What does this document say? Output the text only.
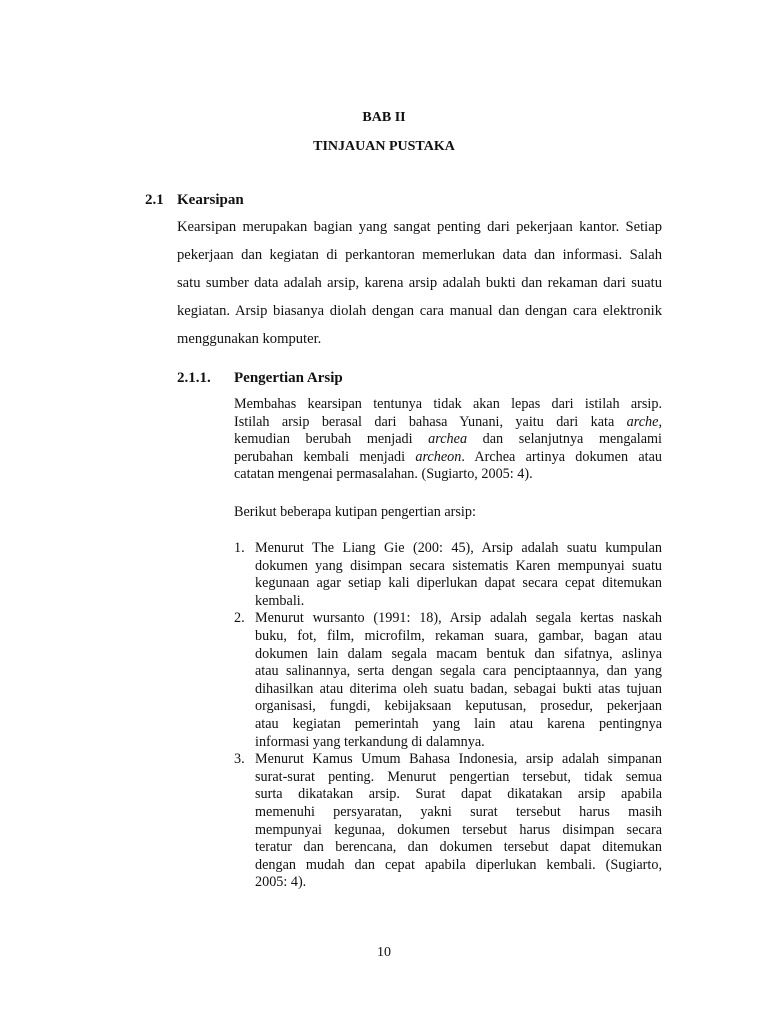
BAB II
TINJAUAN PUSTAKA
2.1 Kearsipan
Kearsipan merupakan bagian yang sangat penting dari pekerjaan kantor. Setiap
pekerjaan dan kegiatan di perkantoran memerlukan data dan informasi. Salah
satu sumber data adalah arsip, karena arsip adalah bukti dan rekaman dari suatu
kegiatan. Arsip biasanya diolah dengan cara manual dan dengan cara elektronik
menggunakan komputer.
2.1.1. Pengertian Arsip
Membahas kearsipan tentunya tidak akan lepas dari istilah arsip.
Istilah arsip berasal dari bahasa Yunani, yaitu dari kata arche,
kemudian berubah menjadi archea dan selanjutnya mengalami
perubahan kembali menjadi archeon. Archea artinya dokumen atau
catatan mengenai permasalahan. (Sugiarto, 2005: 4).
Berikut beberapa kutipan pengertian arsip:
1. Menurut The Liang Gie (200: 45), Arsip adalah suatu kumpulan
dokumen yang disimpan secara sistematis Karen mempunyai suatu
kegunaan agar setiap kali diperlukan dapat secara cepat ditemukan
kembali.
2. Menurut wursanto (1991: 18), Arsip adalah segala kertas naskah
buku, fot, film, microfilm, rekaman suara, gambar, bagan atau
dokumen lain dalam segala macam bentuk dan sifatnya, aslinya
atau salinannya, serta dengan segala cara penciptaannya, dan yang
dihasilkan atau diterima oleh suatu badan, sebagai bukti atas tujuan
organisasi, fungdi, kebijaksaan keputusan, prosedur, pekerjaan
atau kegiatan pemerintah yang lain atau karena pentingnya
informasi yang terkandung di dalamnya.
3. Menurut Kamus Umum Bahasa Indonesia, arsip adalah simpanan
surat-surat penting. Menurut pengertian tersebut, tidak semua
surta dikatakan arsip. Surat dapat dikatakan arsip apabila
memenuhi persyaratan, yakni surat tersebut harus masih
mempunyai kegunaa, dokumen tersebut harus disimpan secara
teratur dan berencana, dan dokumen tersebut dapat ditemukan
dengan mudah dan cepat apabila diperlukan kembali. (Sugiarto,
2005: 4).
10
